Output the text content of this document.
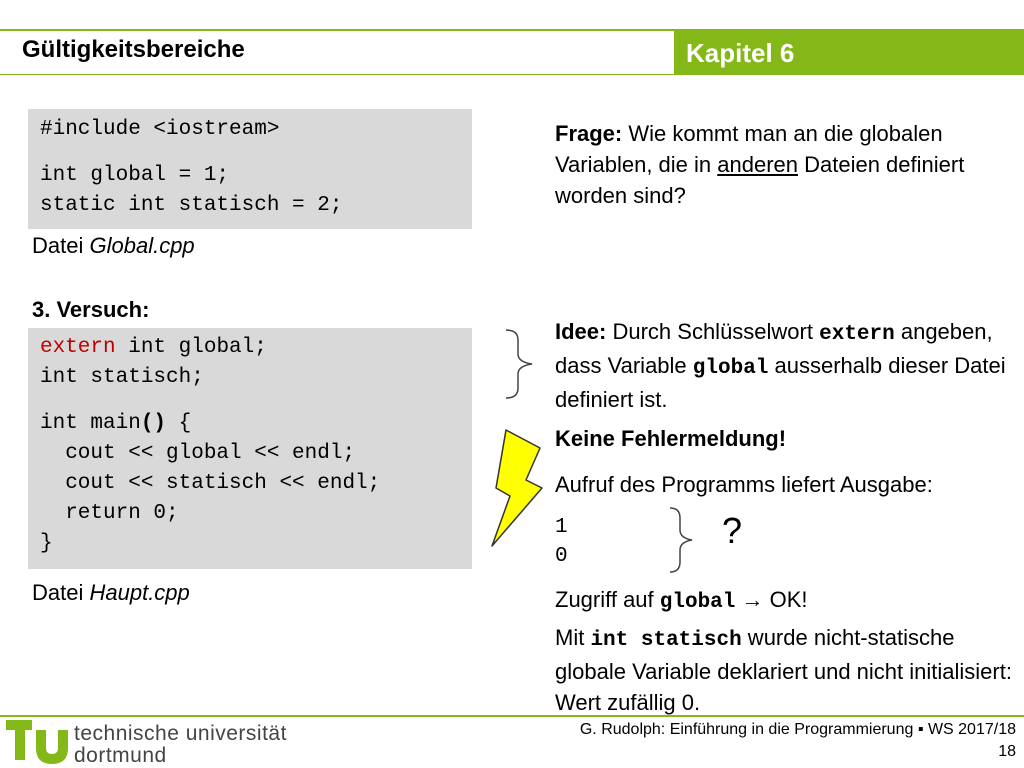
Gültigkeitsbereiche	Kapitel 6
#include <iostream>
int global = 1;
static int statisch = 2;
Datei Global.cpp
3. Versuch:
extern int global;
int statisch;
int main() {
cout << global << endl;
cout << statisch << endl;
return 0;
}
Datei Haupt.cpp
Frage: Wie kommt man an die globalen Variablen, die in anderen Dateien definiert worden sind?
Idee: Durch Schlüsselwort extern angeben, dass Variable global ausserhalb dieser Datei definiert ist.
Keine Fehlermeldung!
Aufruf des Programms liefert Ausgabe:
1
0
?
Zugriff auf global → OK!
Mit int statisch wurde nicht-statische globale Variable deklariert und nicht initialisiert: Wert zufällig 0.
technische universität
dortmund
G. Rudolph: Einführung in die Programmierung ▪ WS 2017/18
18
